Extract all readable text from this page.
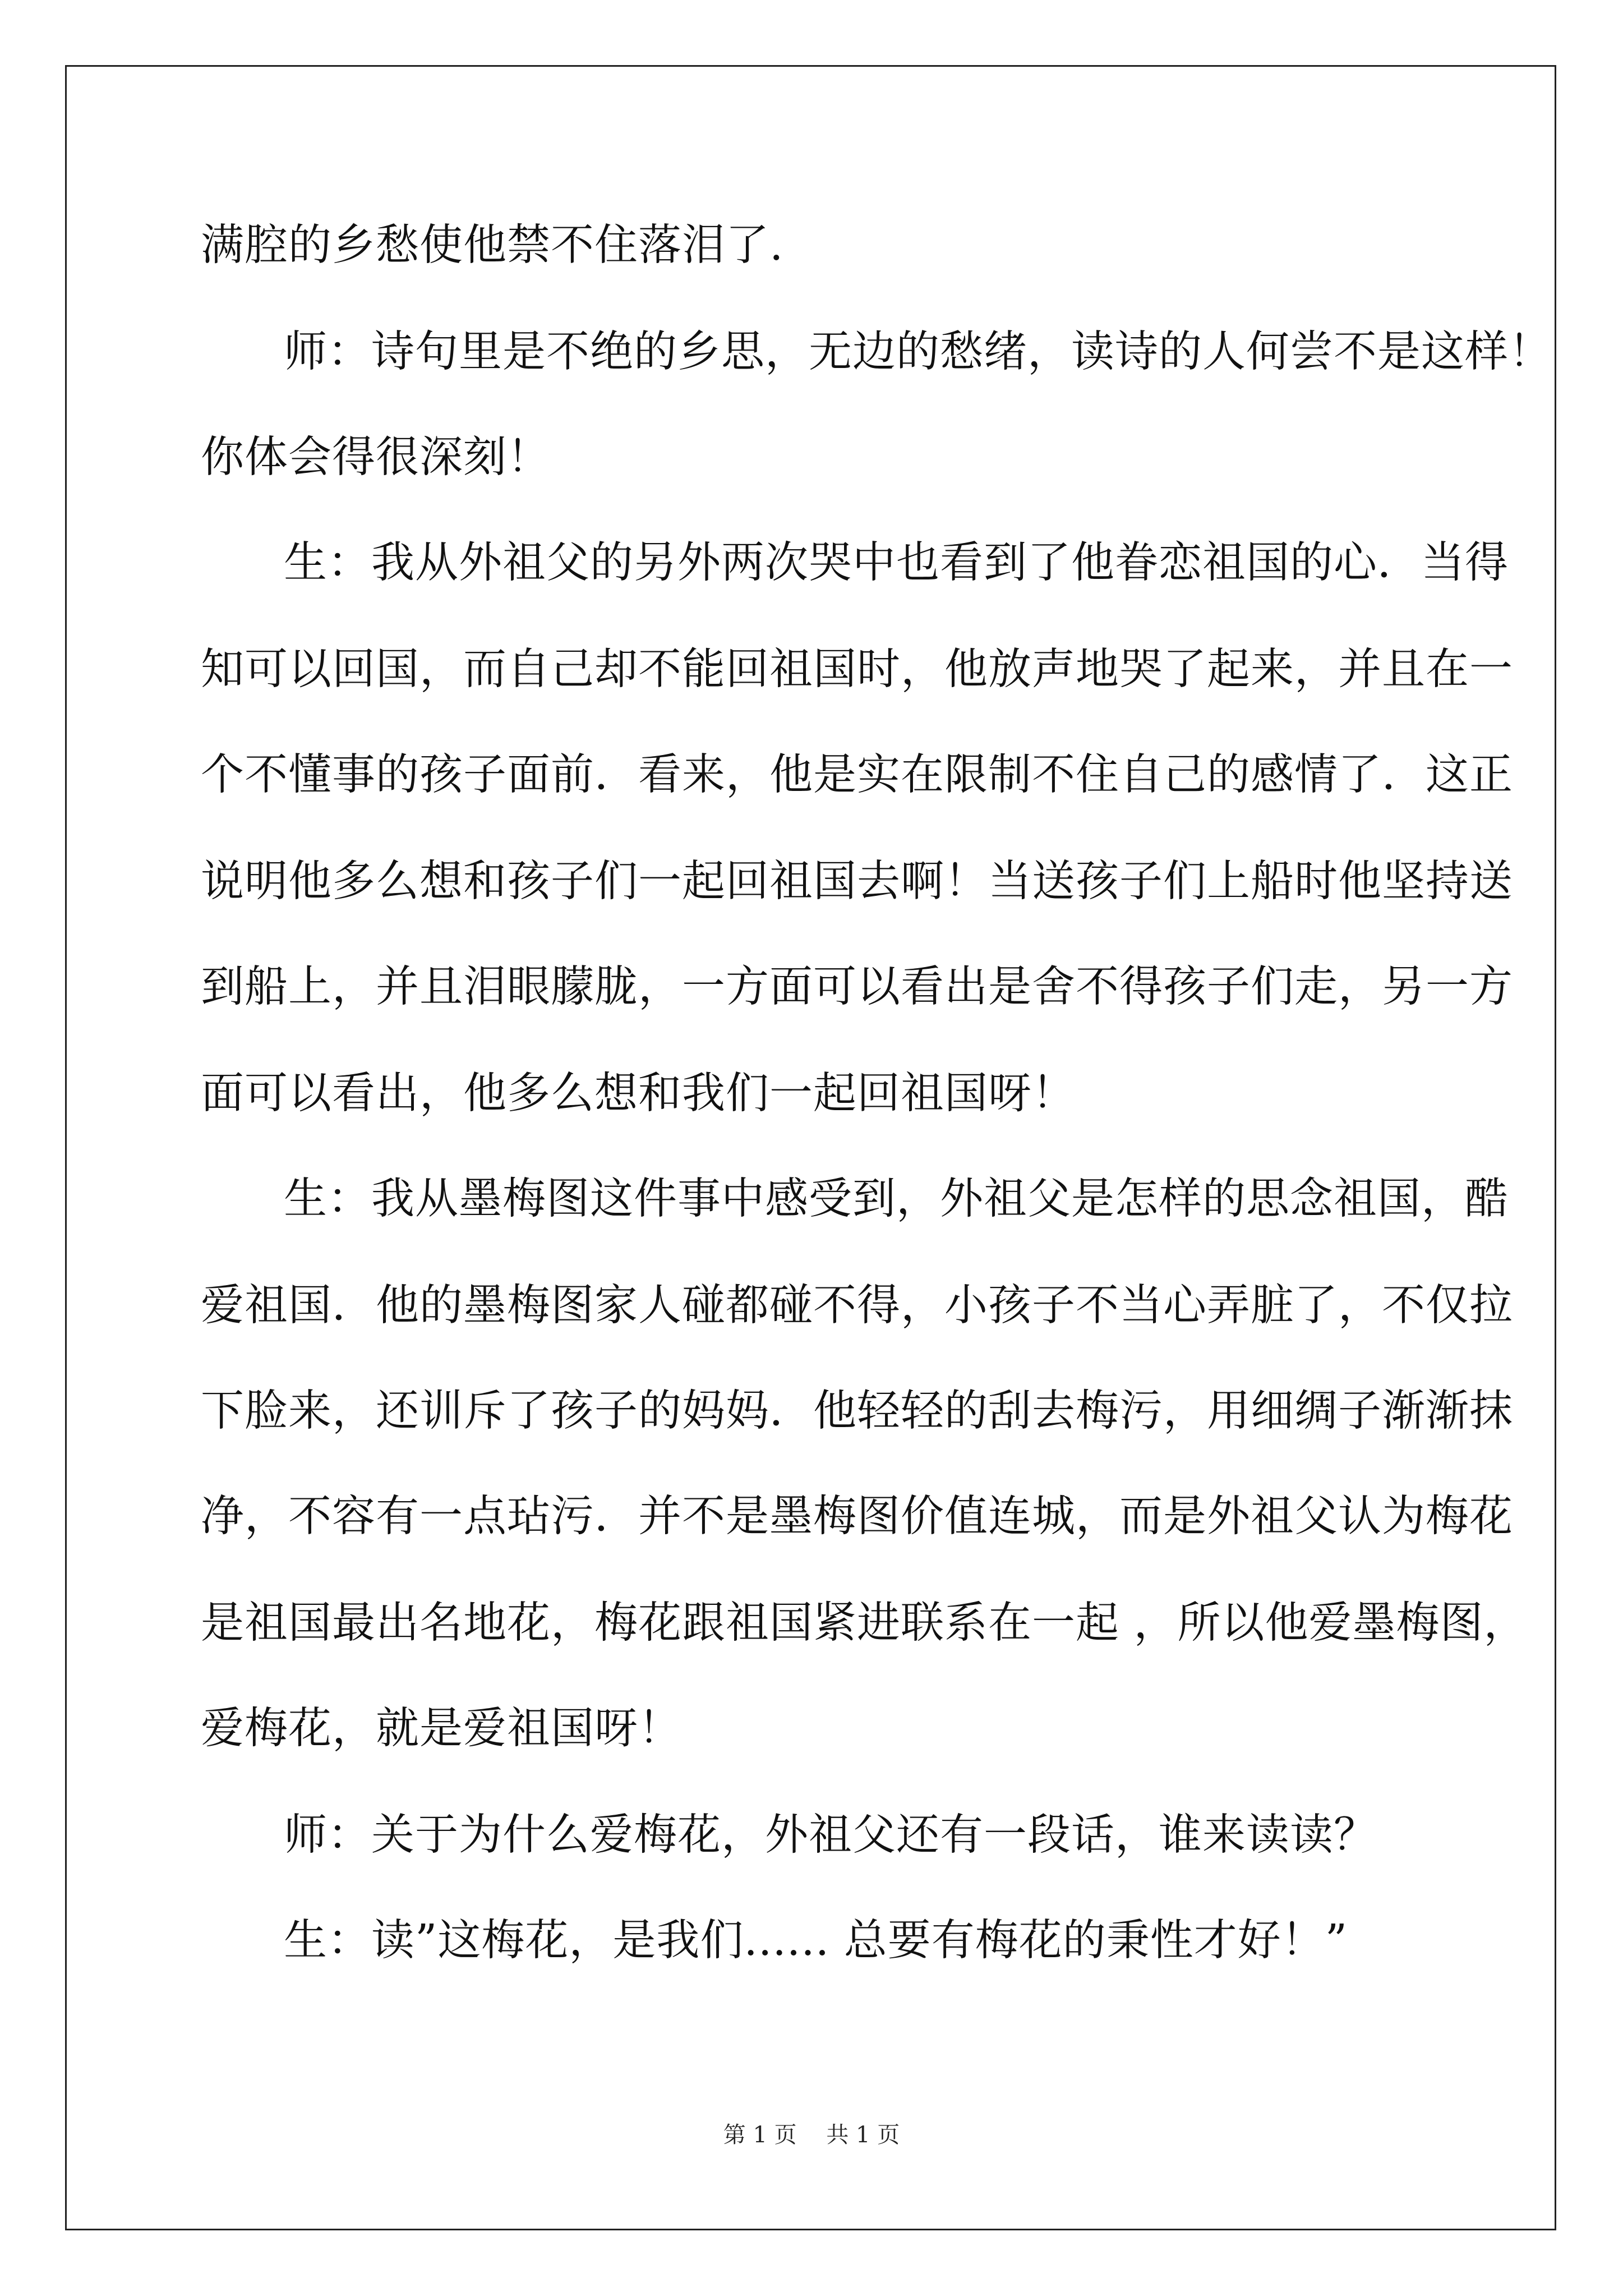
满腔的乡愁使他禁不住落泪了.
师：诗句里是不绝的乡思，无边的愁绪，读诗的人何尝不是这样！
你体会得很深刻！
生：我从外祖父的另外两次哭中也看到了他眷恋祖国的心．当得
知可以回国，而自己却不能回祖国时，他放声地哭了起来，并且在一
个不懂事的孩子面前．看来，他是实在限制不住自己的感情了．这正
说明他多么想和孩子们一起回祖国去啊！当送孩子们上船时他坚持送
到船上，并且泪眼朦胧，一方面可以看出是舍不得孩子们走，另一方
面可以看出，他多么想和我们一起回祖国呀！
生：我从墨梅图这件事中感受到，外祖父是怎样的思念祖国，酷
爱祖国．他的墨梅图家人碰都碰不得，小孩子不当心弄脏了，不仅拉
下脸来，还训斥了孩子的妈妈．他轻轻的刮去梅污，用细绸子渐渐抹
净，不容有一点玷污．并不是墨梅图价值连城，而是外祖父认为梅花
是祖国最出名地花，梅花跟祖国紧进联系在一起 ，所以他爱墨梅图，
爱梅花，就是爱祖国呀！
师：关于为什么爱梅花，外祖父还有一段话，谁来读读？
生：读”这梅花，是我们...... 总要有梅花的秉性才好！”
第 1 页　 共 1 页
